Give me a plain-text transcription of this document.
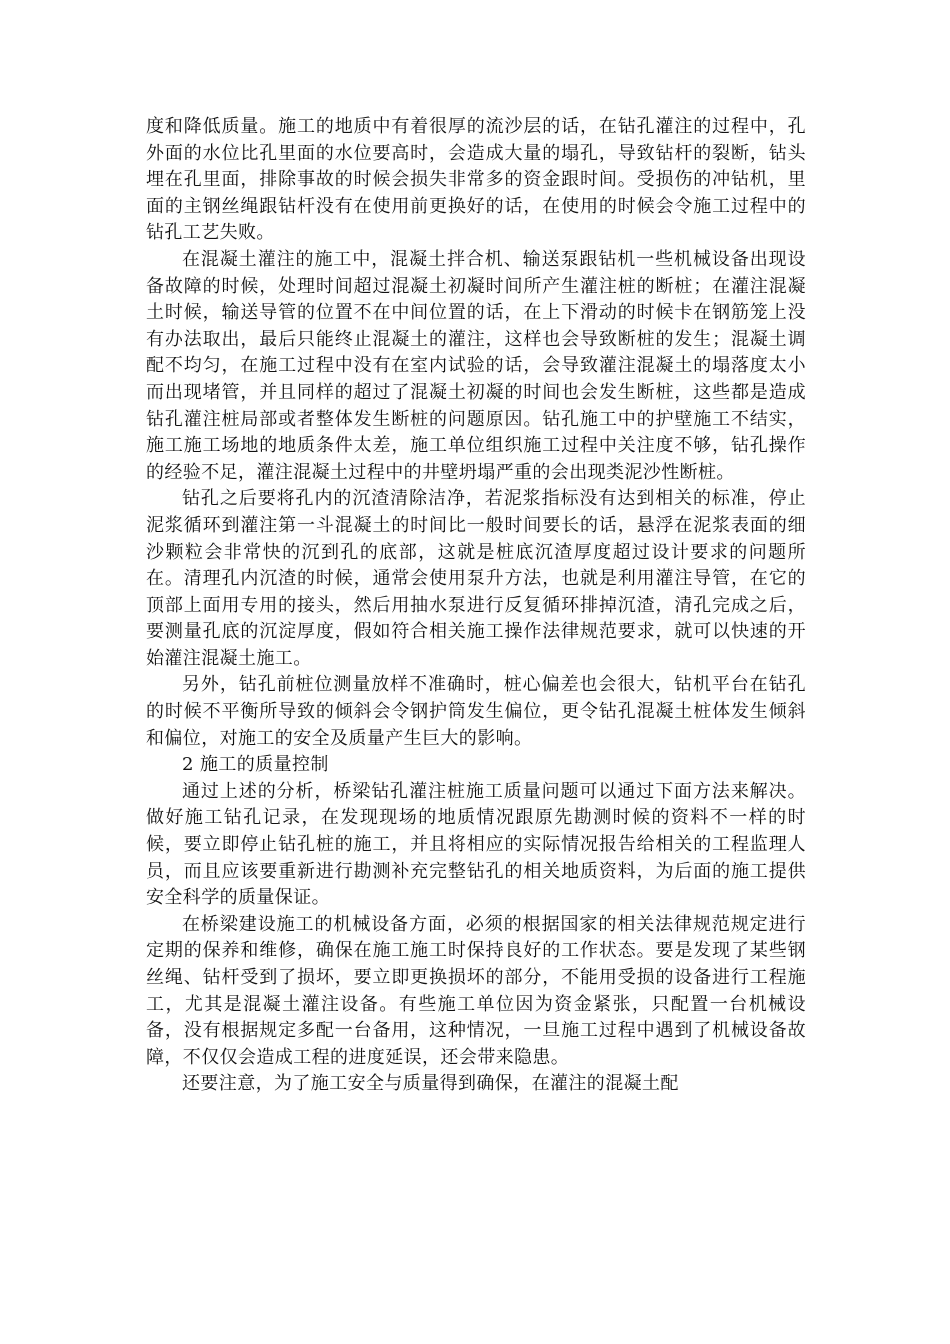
度和降低质量。施工的地质中有着很厚的流沙层的话，在钻孔灌注的过程中，孔外面的水位比孔里面的水位要高时，会造成大量的塌孔，导致钻杆的裂断，钻头埋在孔里面，排除事故的时候会损失非常多的资金跟时间。受损伤的冲钻机，里面的主钢丝绳跟钻杆没有在使用前更换好的话，在使用的时候会令施工过程中的钻孔工艺失败。

在混凝土灌注的施工中，混凝土拌合机、输送泵跟钻机一些机械设备出现设备故障的时候，处理时间超过混凝土初凝时间所产生灌注桩的断桩；在灌注混凝土时候，输送导管的位置不在中间位置的话，在上下滑动的时候卡在钢筋笼上没有办法取出，最后只能终止混凝土的灌注，这样也会导致断桩的发生；混凝土调配不均匀，在施工过程中没有在室内试验的话，会导致灌注混凝土的塌落度太小而出现堵管，并且同样的超过了混凝土初凝的时间也会发生断桩，这些都是造成钻孔灌注桩局部或者整体发生断桩的问题原因。钻孔施工中的护壁施工不结实，施工施工场地的地质条件太差，施工单位组织施工过程中关注度不够，钻孔操作的经验不足，灌注混凝土过程中的井壁坍塌严重的会出现类泥沙性断桩。

钻孔之后要将孔内的沉渣清除洁净，若泥浆指标没有达到相关的标准，停止泥浆循环到灌注第一斗混凝土的时间比一般时间要长的话，悬浮在泥浆表面的细沙颗粒会非常快的沉到孔的底部，这就是桩底沉渣厚度超过设计要求的问题所在。清理孔内沉渣的时候，通常会使用泵升方法，也就是利用灌注导管，在它的顶部上面用专用的接头，然后用抽水泵进行反复循环排掉沉渣，清孔完成之后，要测量孔底的沉淀厚度，假如符合相关施工操作法律规范要求，就可以快速的开始灌注混凝土施工。

另外，钻孔前桩位测量放样不准确时，桩心偏差也会很大，钻机平台在钻孔的时候不平衡所导致的倾斜会令钢护筒发生偏位，更令钻孔混凝土桩体发生倾斜和偏位，对施工的安全及质量产生巨大的影响。

2 施工的质量控制

通过上述的分析，桥梁钻孔灌注桩施工质量问题可以通过下面方法来解决。做好施工钻孔记录，在发现现场的地质情况跟原先勘测时候的资料不一样的时候，要立即停止钻孔桩的施工，并且将相应的实际情况报告给相关的工程监理人员，而且应该要重新进行勘测补充完整钻孔的相关地质资料，为后面的施工提供安全科学的质量保证。

在桥梁建设施工的机械设备方面，必须的根据国家的相关法律规范规定进行定期的保养和维修，确保在施工施工时保持良好的工作状态。要是发现了某些钢丝绳、钻杆受到了损坏，要立即更换损坏的部分，不能用受损的设备进行工程施工，尤其是混凝土灌注设备。有些施工单位因为资金紧张，只配置一台机械设备，没有根据规定多配一台备用，这种情况，一旦施工过程中遇到了机械设备故障，不仅仅会造成工程的进度延误，还会带来隐患。

还要注意，为了施工安全与质量得到确保，在灌注的混凝土配
